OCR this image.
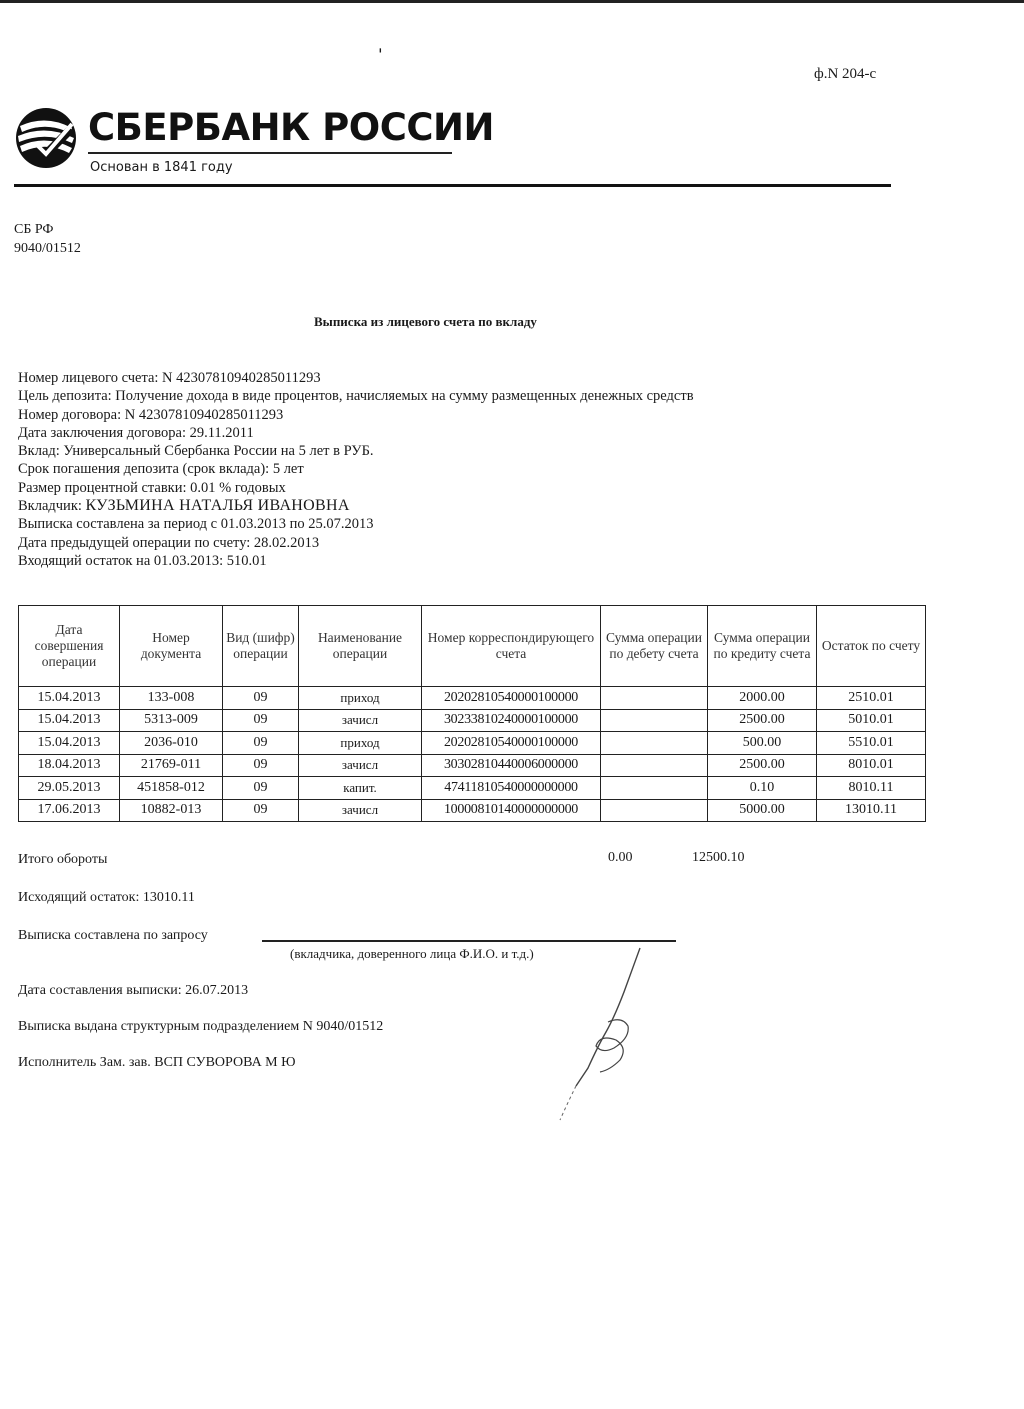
ˈ
ф.N 204-с
СБЕРБАНК РОССИИ
Основан в 1841 году
СБ РФ
9040/01512
Выписка из лицевого счета по вкладу
Номер лицевого счета: N 42307810940285011293
Цель депозита: Получение дохода в виде процентов, начисляемых на сумму размещенных денежных средств
Номер договора: N 42307810940285011293
Дата заключения договора: 29.11.2011
Вклад: Универсальный Сбербанка России на 5 лет в РУБ.
Срок погашения депозита (срок вклада): 5 лет
Размер процентной ставки: 0.01 % годовых
Вкладчик: КУЗЬМИНА НАТАЛЬЯ ИВАНОВНА
Выписка составлена за период с 01.03.2013 по 25.07.2013
Дата предыдущей операции по счету: 28.02.2013
Входящий остаток на 01.03.2013: 510.01
Дата совершения операции	Номер документа	Вид (шифр) операции	Наименование операции	Номер корреспондирующего счета	Сумма операции по дебету счета	Сумма операции по кредиту счета	Остаток по счету
15.04.2013	133-008	09	приход	20202810540000100000		2000.00	2510.01
15.04.2013	5313-009	09	зачисл	30233810240000100000		2500.00	5010.01
15.04.2013	2036-010	09	приход	20202810540000100000		500.00	5510.01
18.04.2013	21769-011	09	зачисл	30302810440006000000		2500.00	8010.01
29.05.2013	451858-012	09	капит.	47411810540000000000		0.10	8010.11
17.06.2013	10882-013	09	зачисл	10000810140000000000		5000.00	13010.11
Итого обороты	0.00	12500.10
Исходящий остаток: 13010.11
Выписка составлена по запросу
(вкладчика, доверенного лица Ф.И.О. и т.д.)
Дата составления выписки: 26.07.2013
Выписка выдана структурным подразделением N 9040/01512
Исполнитель Зам. зав. ВСП СУВОРОВА М Ю
